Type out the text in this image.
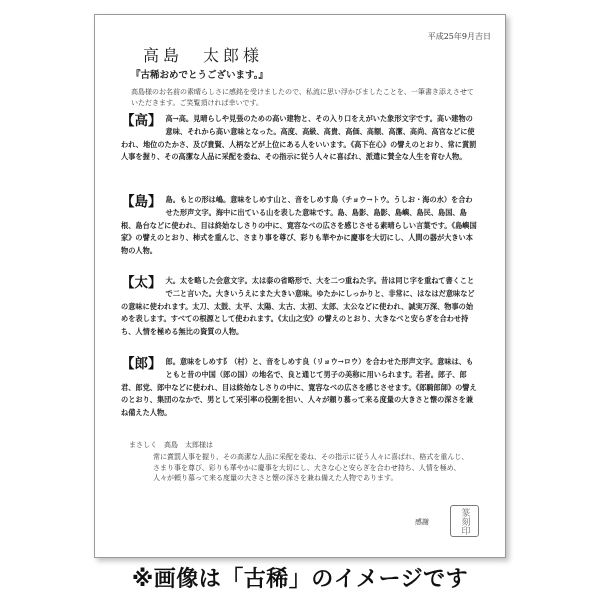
平成25年9月吉日
高島　太郎様
『古稀おめでとうございます。』
高島様のお名前の素晴らしさに感銘を受けましたので、私流に思い浮かびましたことを、一筆書き添えさせていただきます。ご笑覧頂ければ幸いです。
【高】 高→高。見晴らしや見張のための高い建物と、その入り口をえがいた象形文字です。高い建物の意味、それから高い意味となった。高度、高級、高貴、高価、高額、高潔、高尚、高官などに使われ、地位のたかさ、及び貴賢、人柄などが上位にある人をいいます。《高下在心》の譬えのとおり、常に賞罰人事を握り、その高潔な人品に采配を委ね、その指示に従う人々に喜ばれ、派遣に賛全な人生を育む人物。
【島】 島。もとの形は嶋。意味をしめす山と、音をしめす鳥（チョウ→トウ。うしお・海の水）を合わせた形声文字。海中に出ている山を表した意味です。島、島影、島影、島嶼、島民、島国、島根、島台などに使われ、目は終始なしさりの中に、寛容なべの広さを感じさせる素晴らしい言葉です。《島嶼国家》の譬えのとおり、柿式を重んじ、さまり事を尊び、彩りも華やかに慶事を大切にし、人間の器が大きい本物の人物。
【太】 大。太を略した会意文字。太は泰の省略形で、大を二つ重ねた字。昔は同じ字を重ねて書くことで二と言いた。大きいうえにまた大きい意味。ゆたかにしっかりと、非常に、はなはだ意味などの意味に使われます。太刀、太鼓、太平、太陽、太古、太初、太郎、太公などに使われ、誠実万深、物事の始めを表します。すべての根源として使われます。《太山之安》の譬えのとおり、大きなべと安らぎを合わせ持ち、人情を極める無比の資質の人物。
【郎】 郎。意味をしめす阝（村）と、音をしめす良（リョウ→ロウ）を合わせた形声文字。意味は、もともと昔の中国（郎の国）の地名で、良と通じて男子の美称に用いられます。若者。郎子、郎君、郎党、郎中などに使われ、目は終始なしさりの中に、寛容なべの広さを感じさせます。《郎騎郎師》の譬えのとおり、集団のなかで、男として采引率の役割を担い、人々が頼り慕って来る度量の大きさと懐の深さを兼ね備えた人物。
まさしく　高島　太郎様は
常に賞罰人事を握り、その高潔な人品に采配を委ね、その指示に従う人々に喜ばれ、格式を重んじ、さまり事を尊び、彩りも華やかに慶事を大切にし、大きな心と安らぎを合わせ持ち、人情を極め、人々が頼り慕って来る度量の大きさと懐の深さを兼ね備えた人物であります。
感謝	篆刻印
※画像は「古稀」のイメージです
